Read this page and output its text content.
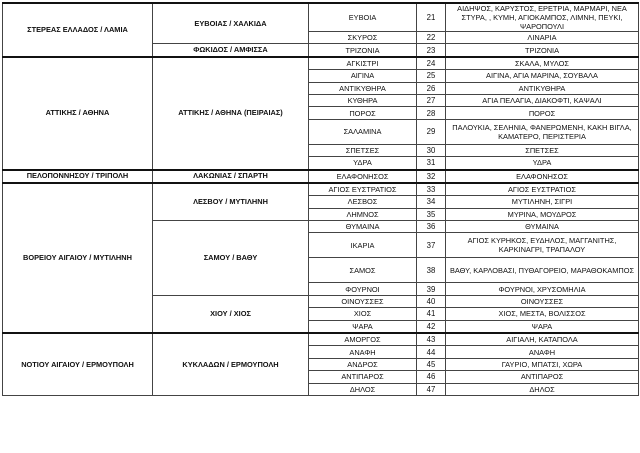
ΣΤΕΡΕΑΣ ΕΛΛΑΔΟΣ / ΛΑΜΙΑ	ΕΥΒΟΙΑΣ / ΧΑΛΚΙΔΑ	ΕΥΒΟΙΑ	21	ΑΙΔΗΨΟΣ, ΚΑΡΥΣΤΟΣ, ΕΡΕΤΡΙΑ, ΜΑΡΜΑΡΙ, ΝΕΑ ΣΤΥΡΑ, , ΚΥΜΗ, ΑΓΙΟΚΑΜΠΟΣ, ΛΙΜΝΗ, ΠΕΥΚΙ, ΨΑΡΟΠΟΥΛΙ
		ΣΚΥΡΟΣ	22	ΛΙΝΑΡΙΑ
	ΦΩΚΙΔΟΣ / ΑΜΦΙΣΣΑ	ΤΡΙΖΟΝΙΑ	23	ΤΡΙΖΟΝΙΑ
ΑΤΤΙΚΗΣ / ΑΘΗΝΑ	ΑΤΤΙΚΗΣ / ΑΘΗΝΑ (ΠΕΙΡΑΙΑΣ)	ΑΓΚΙΣΤΡΙ	24	ΣΚΑΛΑ, ΜΥΛΟΣ
		ΑΙΓΙΝΑ	25	ΑΙΓΙΝΑ, ΑΓΙΑ ΜΑΡΙΝΑ, ΣΟΥΒΑΛΑ
		ΑΝΤΙΚΥΘΗΡΑ	26	ΑΝΤΙΚΥΘΗΡΑ
		ΚΥΘΗΡΑ	27	ΑΓΙΑ ΠΕΛΑΓΙΑ, ΔΙΑΚΟΦΤΙ, ΚΑΨΑΛΙ
		ΠΟΡΟΣ	28	ΠΟΡΟΣ
		ΣΑΛΑΜΙΝΑ	29	ΠΑΛΟΥΚΙΑ, ΣΕΛΗΝΙΑ, ΦΑΝΕΡΩΜΕΝΗ, ΚΑΚΗ ΒΙΓΛΑ, ΚΑΜΑΤΕΡΟ, ΠΕΡΙΣΤΕΡΙΑ
		ΣΠΕΤΣΕΣ	30	ΣΠΕΤΣΕΣ
		ΥΔΡΑ	31	ΥΔΡΑ
ΠΕΛΟΠΟΝΝΗΣΟΥ / ΤΡΙΠΟΛΗ	ΛΑΚΩΝΙΑΣ / ΣΠΑΡΤΗ	ΕΛΑΦΟΝΗΣΟΣ	32	ΕΛΑΦΟΝΗΣΟΣ
ΒΟΡΕΙΟΥ ΑΙΓΑΙΟΥ / ΜΥΤΙΛΗΝΗ	ΛΕΣΒΟΥ / ΜΥΤΙΛΗΝΗ	ΑΓΙΟΣ ΕΥΣΤΡΑΤΙΟΣ	33	ΑΓΙΟΣ ΕΥΣΤΡΑΤΙΟΣ
		ΛΕΣΒΟΣ	34	ΜΥΤΙΛΗΝΗ, ΣΙΓΡΙ
		ΛΗΜΝΟΣ	35	ΜΥΡΙΝΑ, ΜΟΥΔΡΟΣ
	ΣΑΜΟΥ / ΒΑΘΥ	ΘΥΜΑΙΝΑ	36	ΘΥΜΑΙΝΑ
		ΙΚΑΡΙΑ	37	ΑΓΙΟΣ ΚΥΡΗΚΟΣ, ΕΥΔΗΛΟΣ, ΜΑΓΓΑΝΙΤΗΣ, ΚΑΡΚΙΝΑΓΡΙ, ΤΡΑΠΑΛΟΥ
		ΣΑΜΟΣ	38	ΒΑΘΥ, ΚΑΡΛΟΒΑΣΙ, ΠΥΘΑΓΟΡΕΙΟ, ΜΑΡΑΘΟΚΑΜΠΟΣ
		ΦΟΥΡΝΟΙ	39	ΦΟΥΡΝΟΙ, ΧΡΥΣΟΜΗΛΙΑ
	ΧΙΟΥ / ΧΙΟΣ	ΟΙΝΟΥΣΣΕΣ	40	ΟΙΝΟΥΣΣΕΣ
		ΧΙΟΣ	41	ΧΙΟΣ, ΜΕΣΤΑ, ΒΟΛΙΣΣΟΣ
		ΨΑΡΑ	42	ΨΑΡΑ
ΝΟΤΙΟΥ ΑΙΓΑΙΟΥ / ΕΡΜΟΥΠΟΛΗ	ΚΥΚΛΑΔΩΝ / ΕΡΜΟΥΠΟΛΗ	ΑΜΟΡΓΟΣ	43	ΑΙΓΙΑΛΗ, ΚΑΤΑΠΟΛΑ
		ΑΝΑΦΗ	44	ΑΝΑΦΗ
		ΑΝΔΡΟΣ	45	ΓΑΥΡΙΟ, ΜΠΑΤΣΙ, ΧΩΡΑ
		ΑΝΤΙΠΑΡΟΣ	46	ΑΝΤΙΠΑΡΟΣ
		ΔΗΛΟΣ	47	ΔΗΛΟΣ
